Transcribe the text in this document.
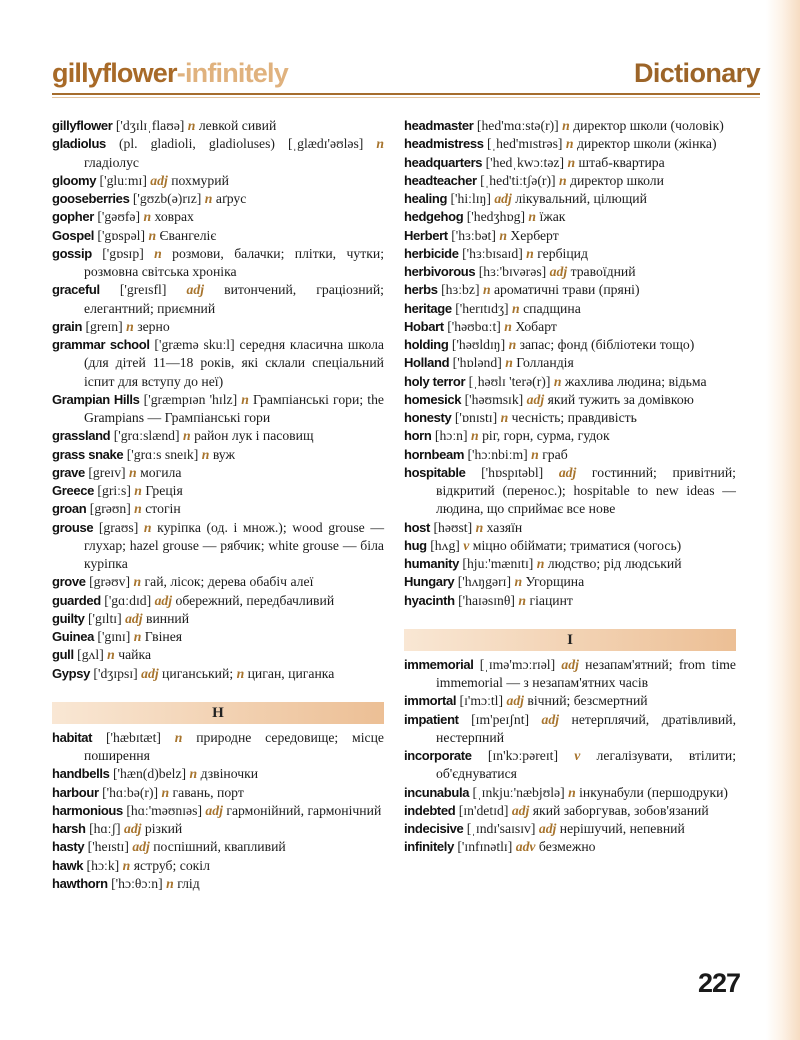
gillyflower-infinitely	Dictionary
gillyflower ['dʒɪlɪˌflaʊə] n левкой сивий
gladiolus (pl. gladioli, gladioluses) [ˌglædɪ'əʊləs] n гладіолус
gloomy ['gluːmɪ] adj похмурий
gooseberries ['gʊzb(ə)rɪz] n аґрус
gopher ['gəʊfə] n ховрах
Gospel ['gɒspəl] n Євангеліє
gossip ['gɒsɪp] n розмови, балачки; плітки, чутки; розмовна світська хроніка
graceful ['greɪsfl] adj витончений, граціозний; елегантний; приємний
grain [greɪn] n зерно
grammar school ['græmə skuːl] середня класична школа (для дітей 11—18 років, які склали спеціальний іспит для вступу до неї)
Grampian Hills ['græmpɪən 'hɪlz] n Грампіанські гори; the Grampians — Грампіанські гори
grassland ['grɑːslænd] n район лук і пасовищ
grass snake ['grɑːs sneɪk] n вуж
grave [greɪv] n могила
Greece [griːs] n Греція
groan [grəʊn] n стогін
grouse [graʊs] n курiпка (од. і множ.); wood grouse — глухар; hazel grouse — рябчик; white grouse — біла курiпка
grove [grəʊv] n гай, лісок; дерева обабіч алеї
guarded ['gɑːdɪd] adj обережний, передбачливий
guilty ['gɪltɪ] adj винний
Guinea ['gɪnɪ] n Гвінея
gull [gʌl] n чайка
Gypsy ['dʒɪpsɪ] adj циганський; n циган, циганка
H
habitat ['hæbɪtæt] n природне середовище; місце поширення
handbells ['hæn(d)belz] n дзвіночки
harbour ['hɑːbə(r)] n гавань, порт
harmonious [hɑː'məʊnɪəs] adj гармонійний, гармонічний
harsh [hɑːʃ] adj різкий
hasty ['heɪstɪ] adj поспішний, квапливий
hawk [hɔːk] n яструб; сокіл
hawthorn ['hɔːθɔːn] n глід
headmaster [hed'mɑːstə(r)] n директор школи (чоловік)
headmistress [ˌhed'mɪstrəs] n директор школи (жінка)
headquarters ['hedˌkwɔːtəz] n штаб-квартира
headteacher [ˌhed'tiːtʃə(r)] n директор школи
healing ['hiːlɪŋ] adj лікувальний, цілющий
hedgehog ['hedʒhɒg] n їжак
Herbert ['hɜːbət] n Херберт
herbicide ['hɜːbɪsaɪd] n гербіцид
herbivorous [hɜː'bɪvərəs] adj травоїдний
herbs [hɜːbz] n ароматичні трави (пряні)
heritage ['herɪtɪdʒ] n спадщина
Hobart ['həʊbɑːt] n Хобарт
holding ['həʊldɪŋ] n запас; фонд (бібліотеки тощо)
Holland ['hɒlənd] n Голландія
holy terror [ˌhəʊlɪ 'terə(r)] n жахлива людина; відьма
homesick ['həʊmsɪk] adj який тужить за домівкою
honesty ['ɒnɪstɪ] n чесність; правдивість
horn [hɔːn] n ріг, горн, сурма, гудок
hornbeam ['hɔːnbiːm] n граб
hospitable ['hɒspɪtəbl] adj гостинний; привітний; відкритий (перенос.); hospitable to new ideas — людина, що сприймає все нове
host [həʊst] n хазяїн
hug [hʌg] v міцно обіймати; триматися (чогось)
humanity [hjuː'mænɪtɪ] n людство; рід людський
Hungary ['hʌŋgərɪ] n Угорщина
hyacinth ['haɪəsɪnθ] n гіацинт
I
immemorial [ˌɪmə'mɔːrɪəl] adj незапам'ятний; from time immemorial — з незапам'ятних часів
immortal [ɪ'mɔːtl] adj вічний; безсмертний
impatient [ɪm'peɪʃnt] adj нетерплячий, дратівливий, нестерпний
incorporate [ɪn'kɔːpəreɪt] v легалізувати, втілити; об'єднуватися
incunabula [ˌɪnkjuː'næbjʊlə] n інкунабули (першодруки)
indebted [ɪn'detɪd] adj який заборгував, зобов'язаний
indecisive [ˌɪndɪ'saɪsɪv] adj нерішучий, непевний
infinitely ['ɪnfɪnətlɪ] adv безмежно
227
